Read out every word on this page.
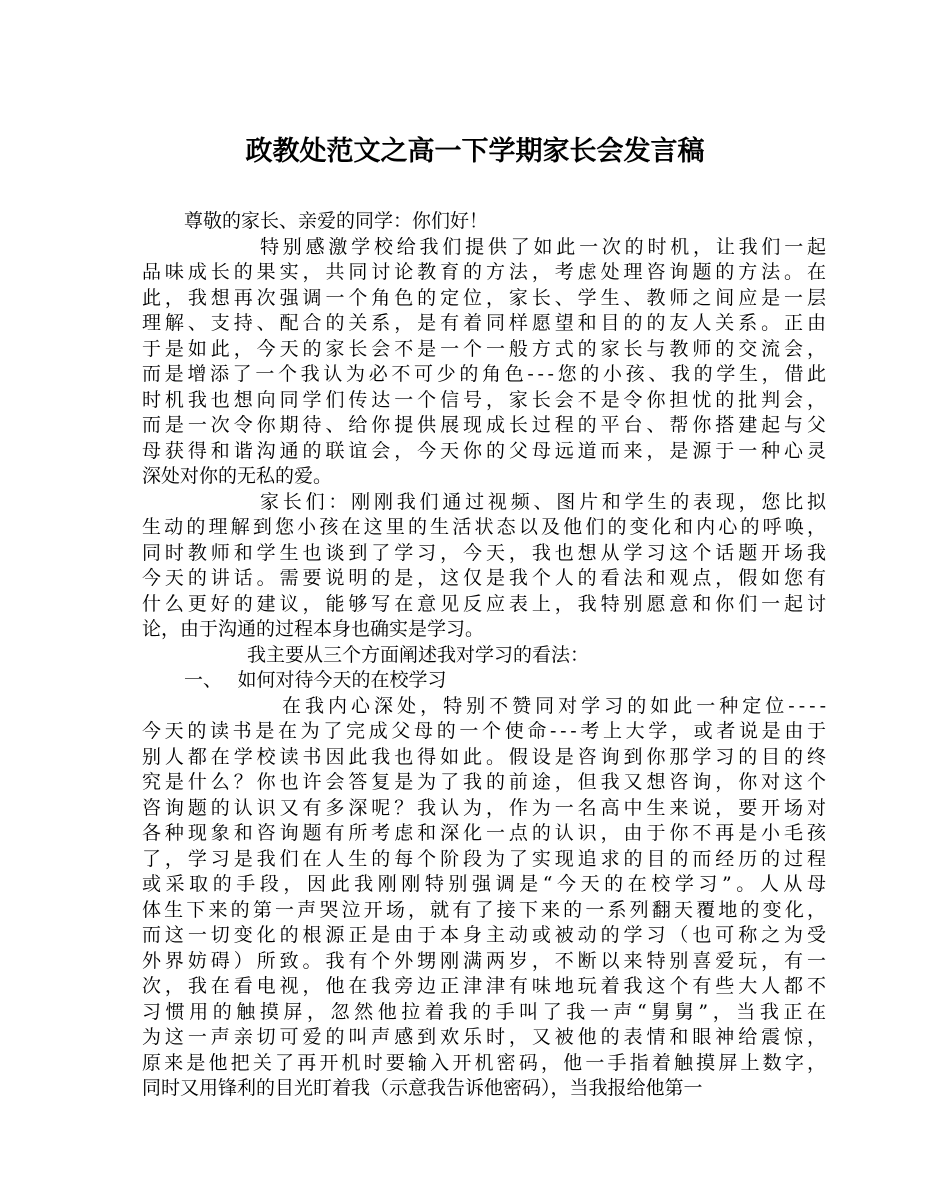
政教处范文之高一下学期家长会发言稿
尊敬的家长、亲爱的同学：你们好！
特别感激学校给我们提供了如此一次的时机，让我们一起
品味成长的果实，共同讨论教育的方法，考虑处理咨询题的方法。在
此，我想再次强调一个角色的定位，家长、学生、教师之间应是一层
理解、支持、配合的关系，是有着同样愿望和目的的友人关系。正由
于是如此，今天的家长会不是一个一般方式的家长与教师的交流会，
而是增添了一个我认为必不可少的角色---您的小孩、我的学生，借此
时机我也想向同学们传达一个信号，家长会不是令你担忧的批判会，
而是一次令你期待、给你提供展现成长过程的平台、帮你搭建起与父
母获得和谐沟通的联谊会，今天你的父母远道而来，是源于一种心灵
深处对你的无私的爱。
家长们：刚刚我们通过视频、图片和学生的表现，您比拟
生动的理解到您小孩在这里的生活状态以及他们的变化和内心的呼唤，
同时教师和学生也谈到了学习，今天，我也想从学习这个话题开场我
今天的讲话。需要说明的是，这仅是我个人的看法和观点，假如您有
什么更好的建议，能够写在意见反应表上，我特别愿意和你们一起讨
论，由于沟通的过程本身也确实是学习。
我主要从三个方面阐述我对学习的看法：
一、　 如何对待今天的在校学习
在我内心深处，特别不赞同对学习的如此一种定位----
今天的读书是在为了完成父母的一个使命---考上大学，或者说是由于
别人都在学校读书因此我也得如此。假设是咨询到你那学习的目的终
究是什么？你也许会答复是为了我的前途，但我又想咨询，你对这个
咨询题的认识又有多深呢？我认为，作为一名高中生来说，要开场对
各种现象和咨询题有所考虑和深化一点的认识，由于你不再是小毛孩
了，学习是我们在人生的每个阶段为了实现追求的目的而经历的过程
或采取的手段，因此我刚刚特别强调是“今天的在校学习”。人从母
体生下来的第一声哭泣开场，就有了接下来的一系列翻天覆地的变化，
而这一切变化的根源正是由于本身主动或被动的学习（也可称之为受
外界妨碍）所致。我有个外甥刚满两岁，不断以来特别喜爱玩，有一
次，我在看电视，他在我旁边正津津有味地玩着我这个有些大人都不
习惯用的触摸屏，忽然他拉着我的手叫了我一声“舅舅”，当我正在
为这一声亲切可爱的叫声感到欢乐时，又被他的表情和眼神给震惊，
原来是他把关了再开机时要输入开机密码，他一手指着触摸屏上数字，
同时又用锋利的目光盯着我（示意我告诉他密码），当我报给他第一
